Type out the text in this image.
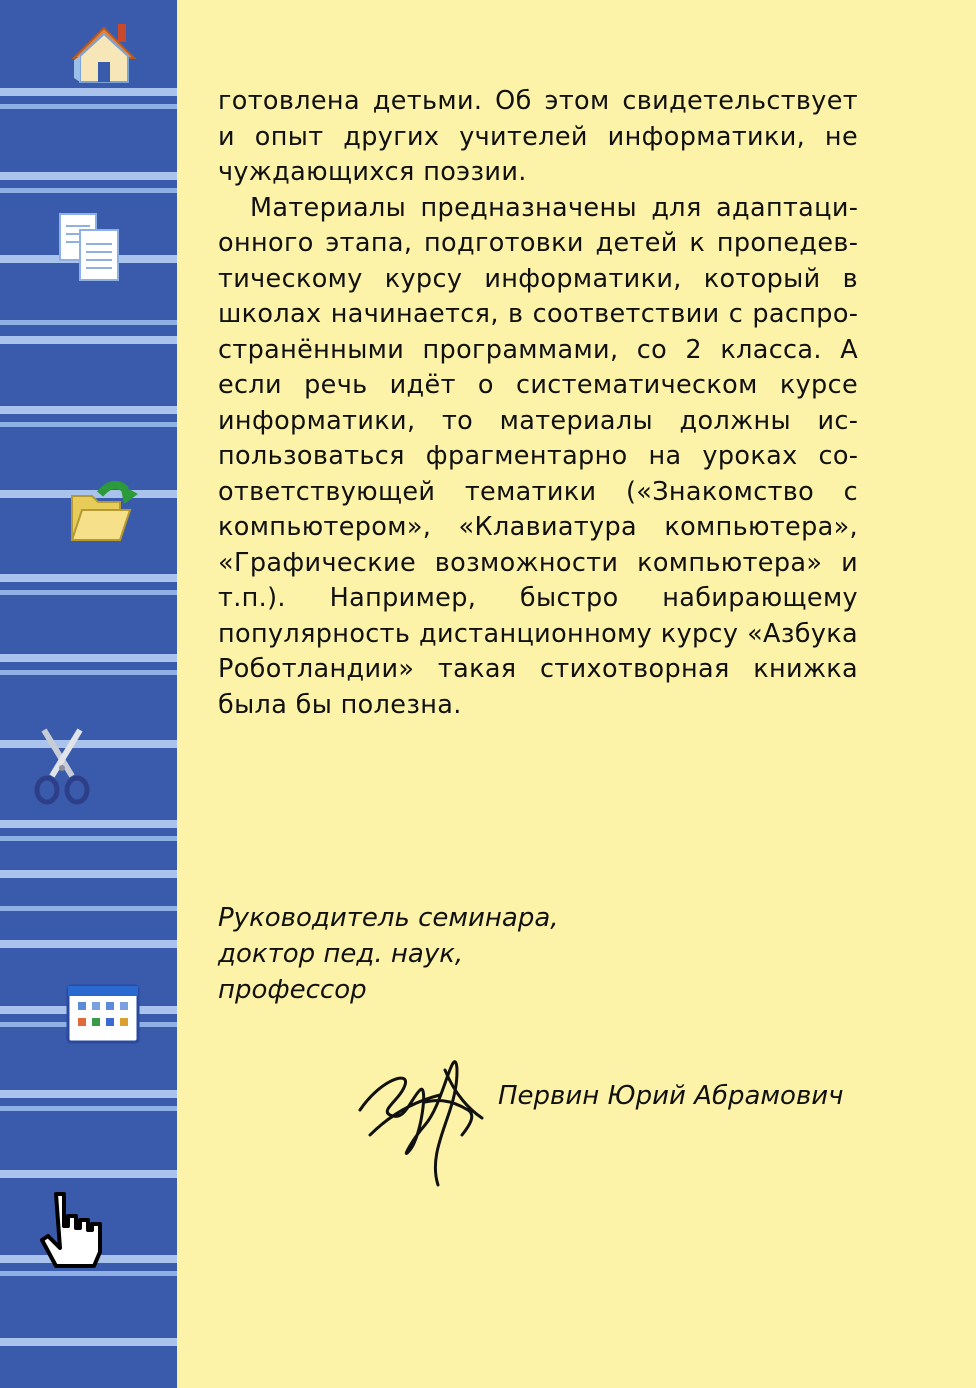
готовлена детьми. Об этом свидетельствует и опыт других учителей информатики, не чуждающихся поэзии.

Материалы предназначены для адаптационного этапа, подготовки детей к пропедевтическому курсу информатики, который в школах начинается, в соответствии с распространёнными программами, со 2 класса. А если речь идёт о систематическом курсе информатики, то материалы должны использоваться фрагментарно на уроках соответствующей тематики («Знакомство с компьютером», «Клавиатура компьютера», «Графические возможности компьютера» и т.п.). Например, быстро набирающему популярность дистанционному курсу «Азбука Роботландии» такая стихотворная книжка была бы полезна.

Руководитель семинара,
доктор пед. наук,
профессор
Первин Юрий Абрамович
